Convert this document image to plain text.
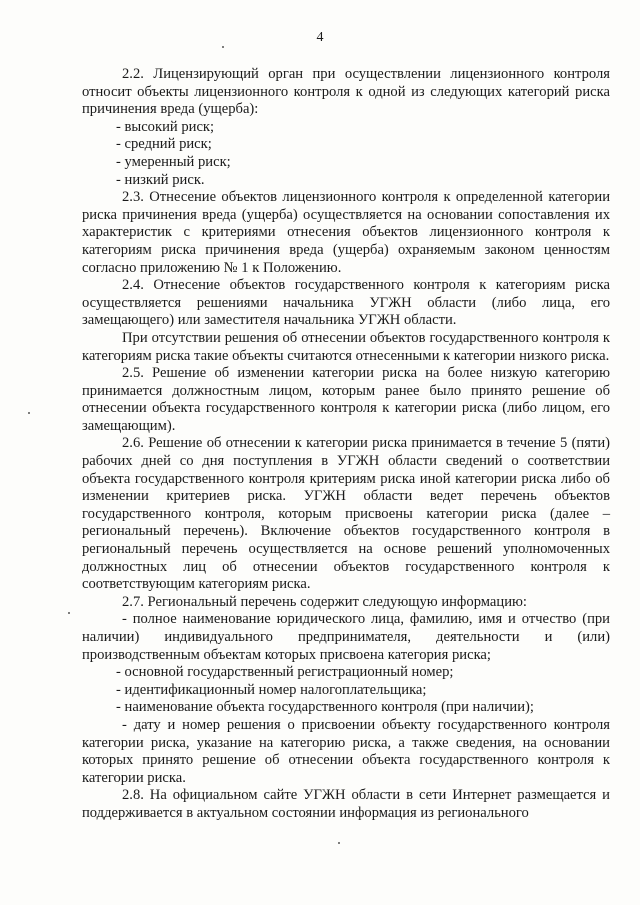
4

2.2. Лицензирующий орган при осуществлении лицензионного контроля относит объекты лицензионного контроля к одной из следующих категорий риска причинения вреда (ущерба):

- высокий риск;

- средний риск;

- умеренный риск;

- низкий риск.

2.3. Отнесение объектов лицензионного контроля к определенной категории риска причинения вреда (ущерба) осуществляется на основании сопоставления их характеристик с критериями отнесения объектов лицензионного контроля к категориям риска причинения вреда (ущерба) охраняемым законом ценностям согласно приложению № 1 к Положению.

2.4. Отнесение объектов государственного контроля к категориям риска осуществляется решениями начальника УГЖН области (либо лица, его замещающего) или заместителя начальника УГЖН области.

При отсутствии решения об отнесении объектов государственного контроля к категориям риска такие объекты считаются отнесенными к категории низкого риска.

2.5. Решение об изменении категории риска на более низкую категорию принимается должностным лицом, которым ранее было принято решение об отнесении объекта государственного контроля к категории риска (либо лицом, его замещающим).

2.6. Решение об отнесении к категории риска принимается в течение 5 (пяти) рабочих дней со дня поступления в УГЖН области сведений о соответствии объекта государственного контроля критериям риска иной категории риска либо об изменении критериев риска. УГЖН области ведет перечень объектов государственного контроля, которым присвоены категории риска (далее – региональный перечень). Включение объектов государственного контроля в региональный перечень осуществляется на основе решений уполномоченных должностных лиц об отнесении объектов государственного контроля к соответствующим категориям риска.

2.7. Региональный перечень содержит следующую информацию:

- полное наименование юридического лица, фамилию, имя и отчество (при наличии) индивидуального предпринимателя, деятельности и (или) производственным объектам которых присвоена категория риска;

- основной государственный регистрационный номер;

- идентификационный номер налогоплательщика;

- наименование объекта государственного контроля (при наличии);

- дату и номер решения о присвоении объекту государственного контроля категории риска, указание на категорию риска, а также сведения, на основании которых принято решение об отнесении объекта государственного контроля к категории риска.

2.8. На официальном сайте УГЖН области в сети Интернет размещается и поддерживается в актуальном состоянии информация из регионального
